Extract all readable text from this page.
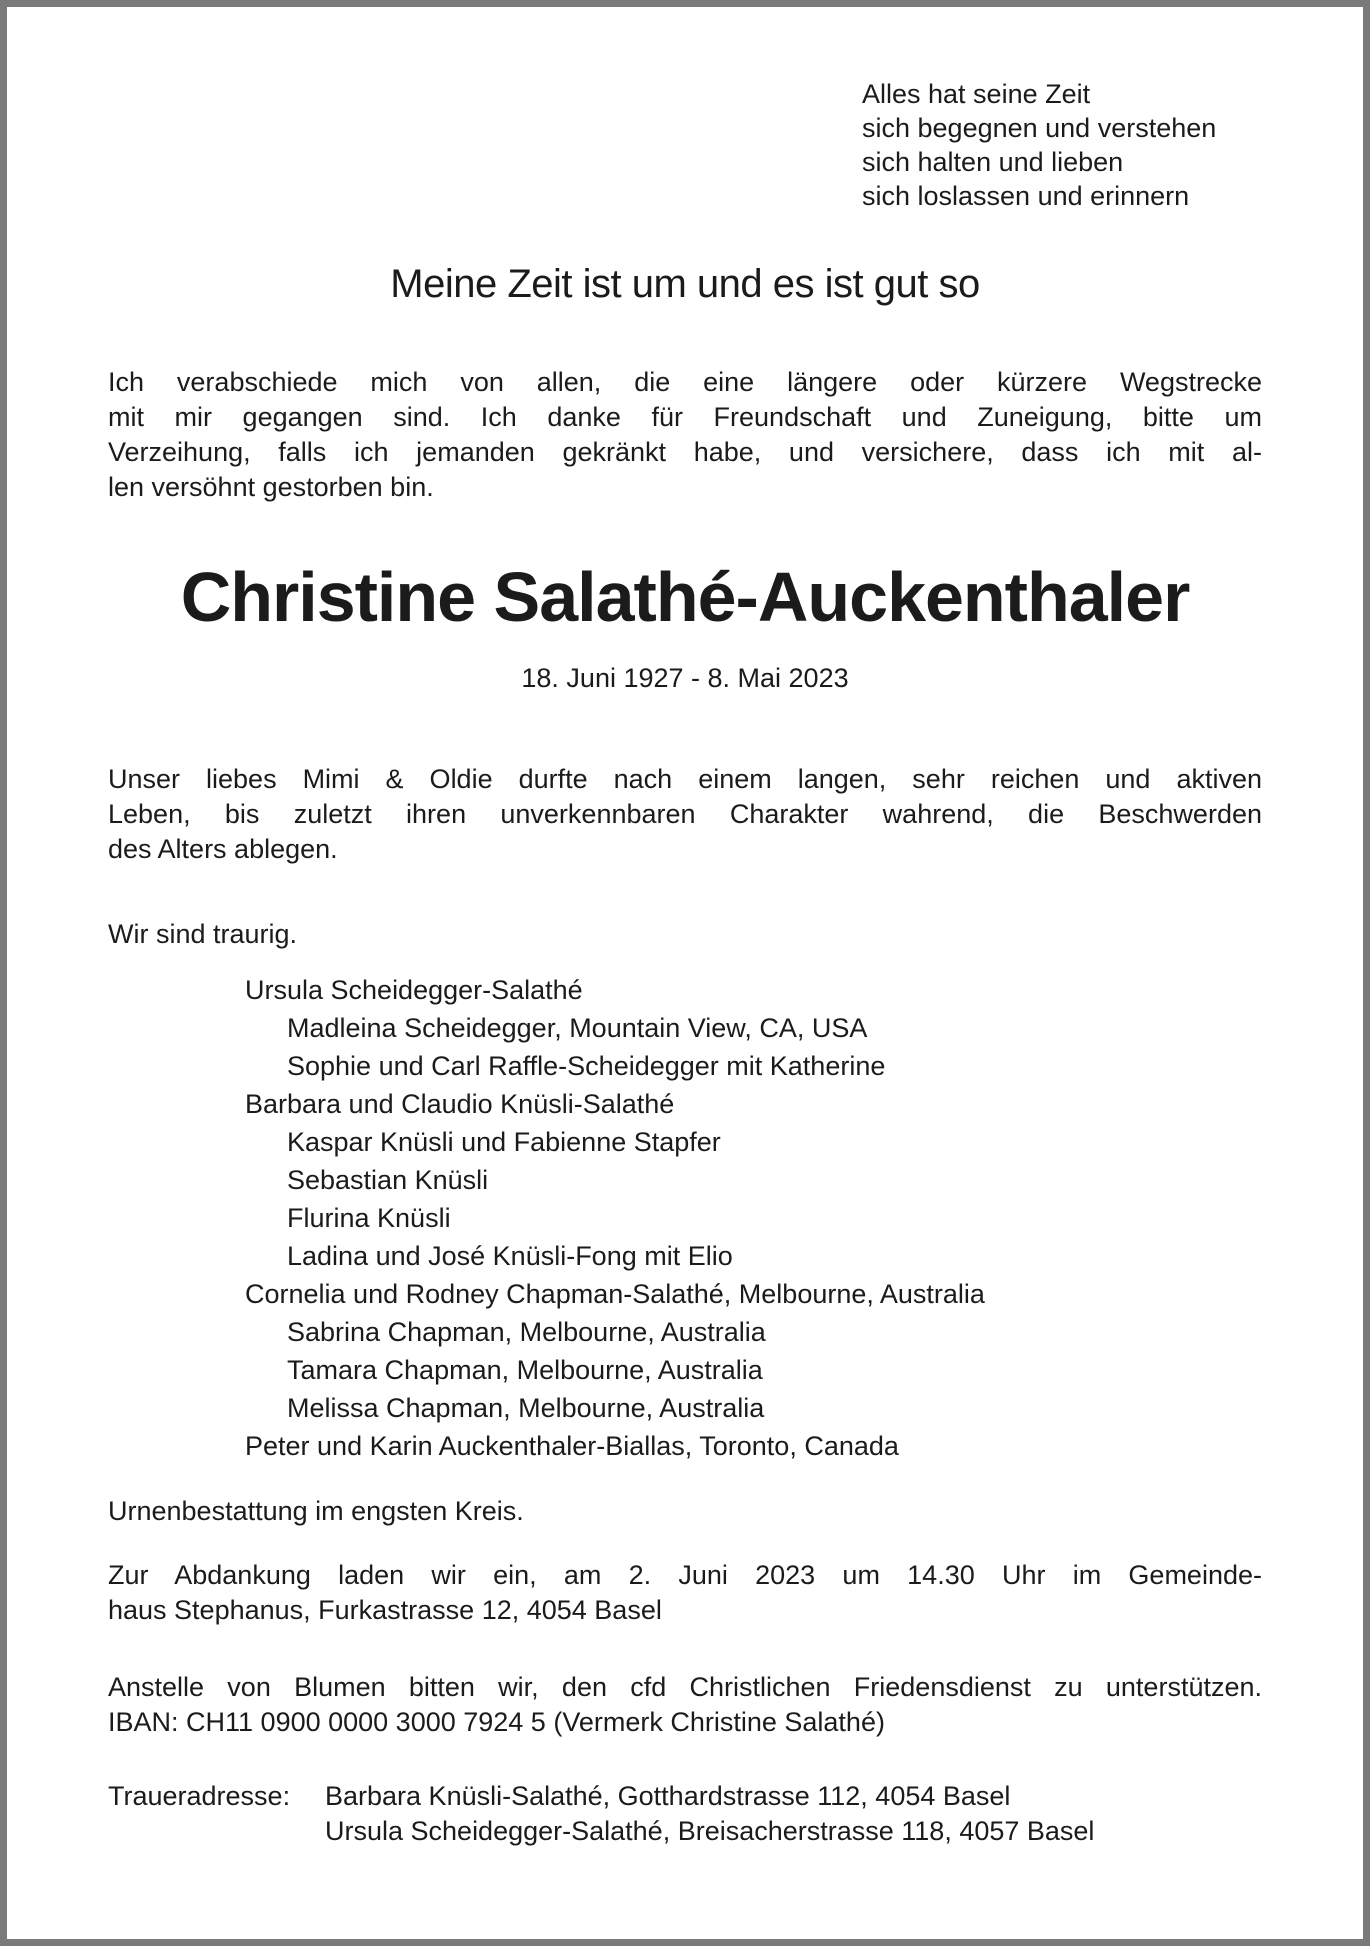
Alles hat seine Zeit
sich begegnen und verstehen
sich halten und lieben
sich loslassen und erinnern
Meine Zeit ist um und es ist gut so
Ich verabschiede mich von allen, die eine längere oder kürzere Wegstrecke
mit mir gegangen sind. Ich danke für Freundschaft und Zuneigung, bitte um
Verzeihung, falls ich jemanden gekränkt habe, und versichere, dass ich mit al-
len versöhnt gestorben bin.
Christine Salathé-Auckenthaler
18. Juni 1927 - 8. Mai 2023
Unser liebes Mimi & Oldie durfte nach einem langen, sehr reichen und aktiven
Leben, bis zuletzt ihren unverkennbaren Charakter wahrend, die Beschwerden
des Alters ablegen.
Wir sind traurig.
Ursula Scheidegger-Salathé
Madleina Scheidegger, Mountain View, CA, USA
Sophie und Carl Raffle-Scheidegger mit Katherine
Barbara und Claudio Knüsli-Salathé
Kaspar Knüsli und Fabienne Stapfer
Sebastian Knüsli
Flurina Knüsli
Ladina und José Knüsli-Fong mit Elio
Cornelia und Rodney Chapman-Salathé, Melbourne, Australia
Sabrina Chapman, Melbourne, Australia
Tamara Chapman, Melbourne, Australia
Melissa Chapman, Melbourne, Australia
Peter und Karin Auckenthaler-Biallas, Toronto, Canada
Urnenbestattung im engsten Kreis.
Zur Abdankung laden wir ein, am 2. Juni 2023 um 14.30 Uhr im Gemeinde-
haus Stephanus, Furkastrasse 12, 4054 Basel
Anstelle von Blumen bitten wir, den cfd Christlichen Friedensdienst zu unterstützen.
IBAN: CH11 0900 0000 3000 7924 5 (Vermerk Christine Salathé)
Traueradresse:	Barbara Knüsli-Salathé, Gotthardstrasse 112, 4054 Basel
Ursula Scheidegger-Salathé, Breisacherstrasse 118, 4057 Basel
